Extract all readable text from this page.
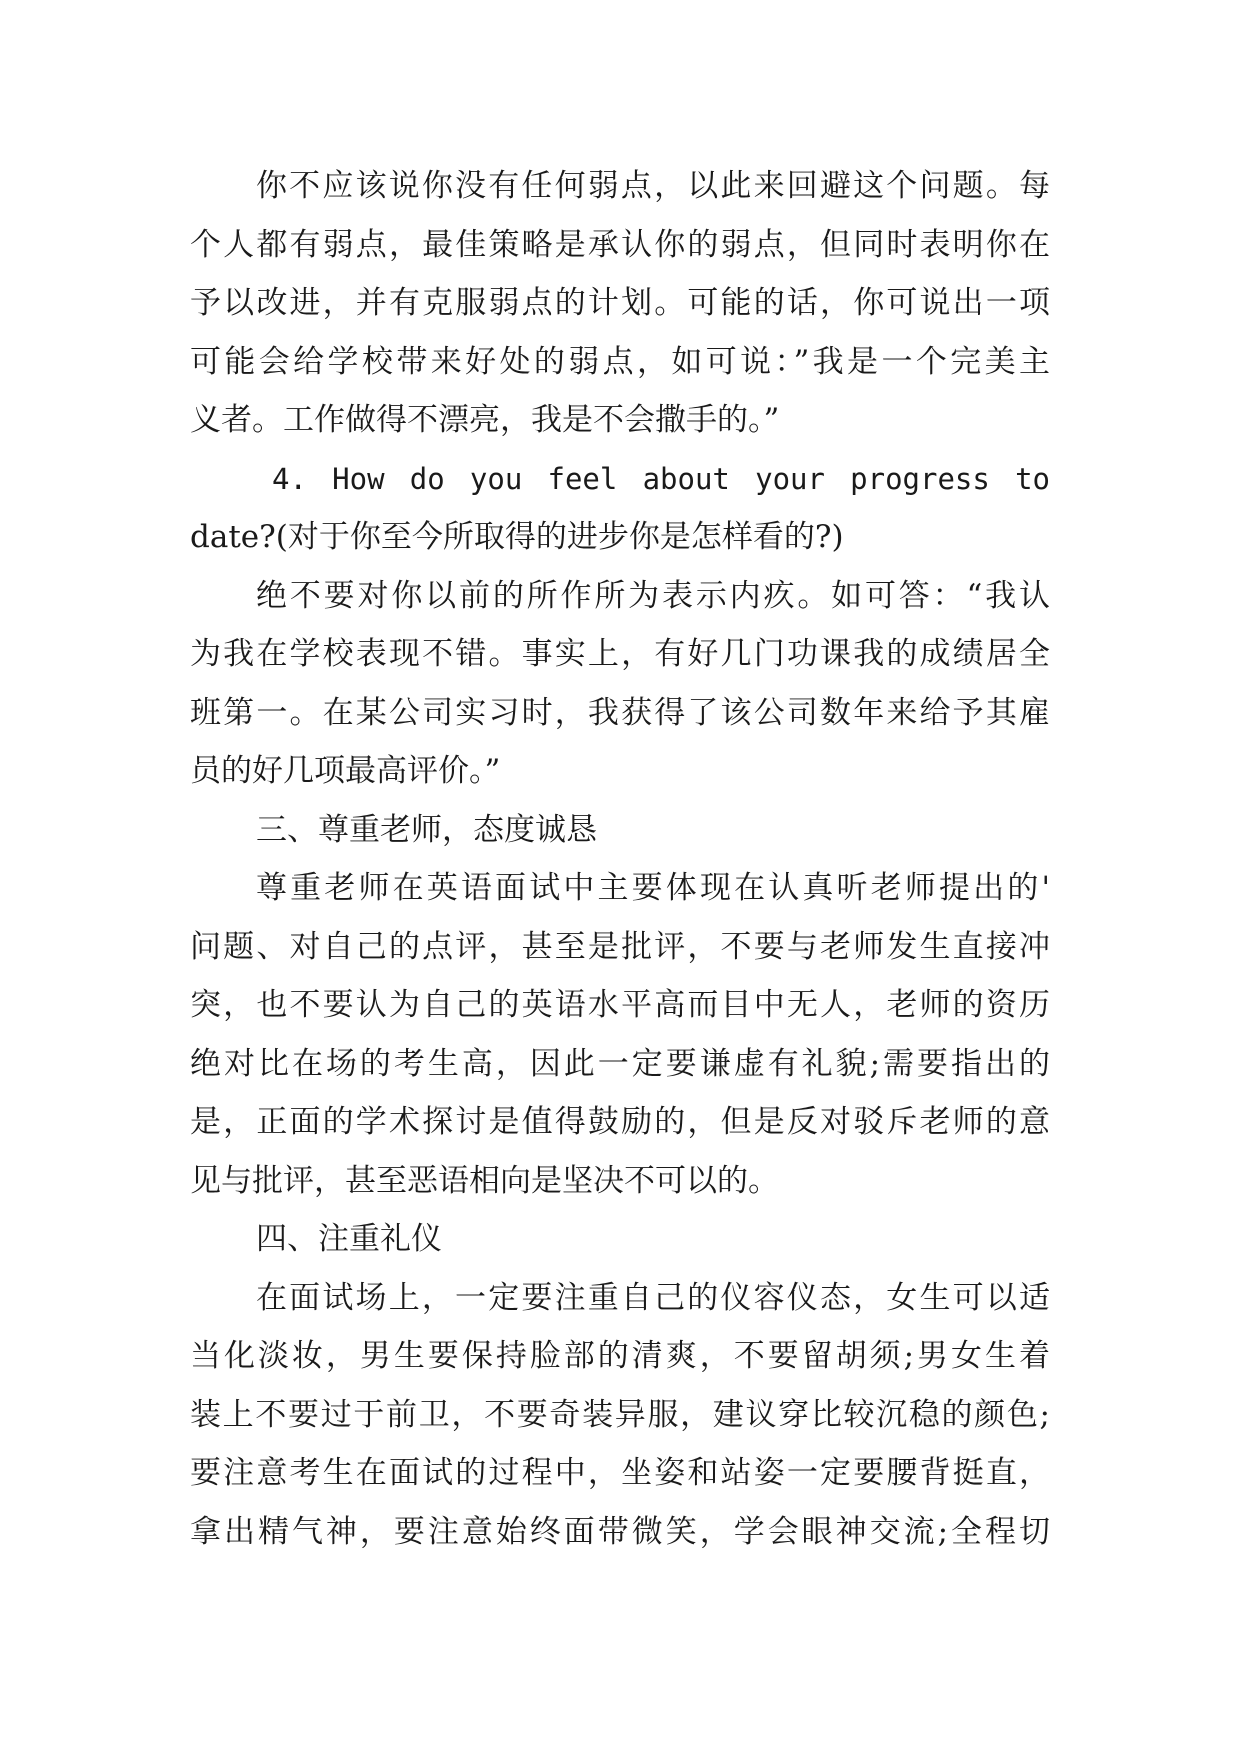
你不应该说你没有任何弱点，以此来回避这个问题。每
个人都有弱点，最佳策略是承认你的弱点，但同时表明你在
予以改进，并有克服弱点的计划。可能的话，你可说出一项
可能会给学校带来好处的弱点，如可说：”我是一个完美主
义者。工作做得不漂亮，我是不会撒手的。”
4. How do you feel about your progress to
date?(对于你至今所取得的进步你是怎样看的?)
绝不要对你以前的所作所为表示内疚。如可答：“我认
为我在学校表现不错。事实上，有好几门功课我的成绩居全
班第一。在某公司实习时，我获得了该公司数年来给予其雇
员的好几项最高评价。”
三、尊重老师，态度诚恳
尊重老师在英语面试中主要体现在认真听老师提出的'
问题、对自己的点评，甚至是批评，不要与老师发生直接冲
突，也不要认为自己的英语水平高而目中无人，老师的资历
绝对比在场的考生高，因此一定要谦虚有礼貌;需要指出的
是，正面的学术探讨是值得鼓励的，但是反对驳斥老师的意
见与批评，甚至恶语相向是坚决不可以的。
四、注重礼仪
在面试场上，一定要注重自己的仪容仪态，女生可以适
当化淡妆，男生要保持脸部的清爽，不要留胡须;男女生着
装上不要过于前卫，不要奇装异服，建议穿比较沉稳的颜色;
要注意考生在面试的过程中，坐姿和站姿一定要腰背挺直，
拿出精气神，要注意始终面带微笑，学会眼神交流;全程切
